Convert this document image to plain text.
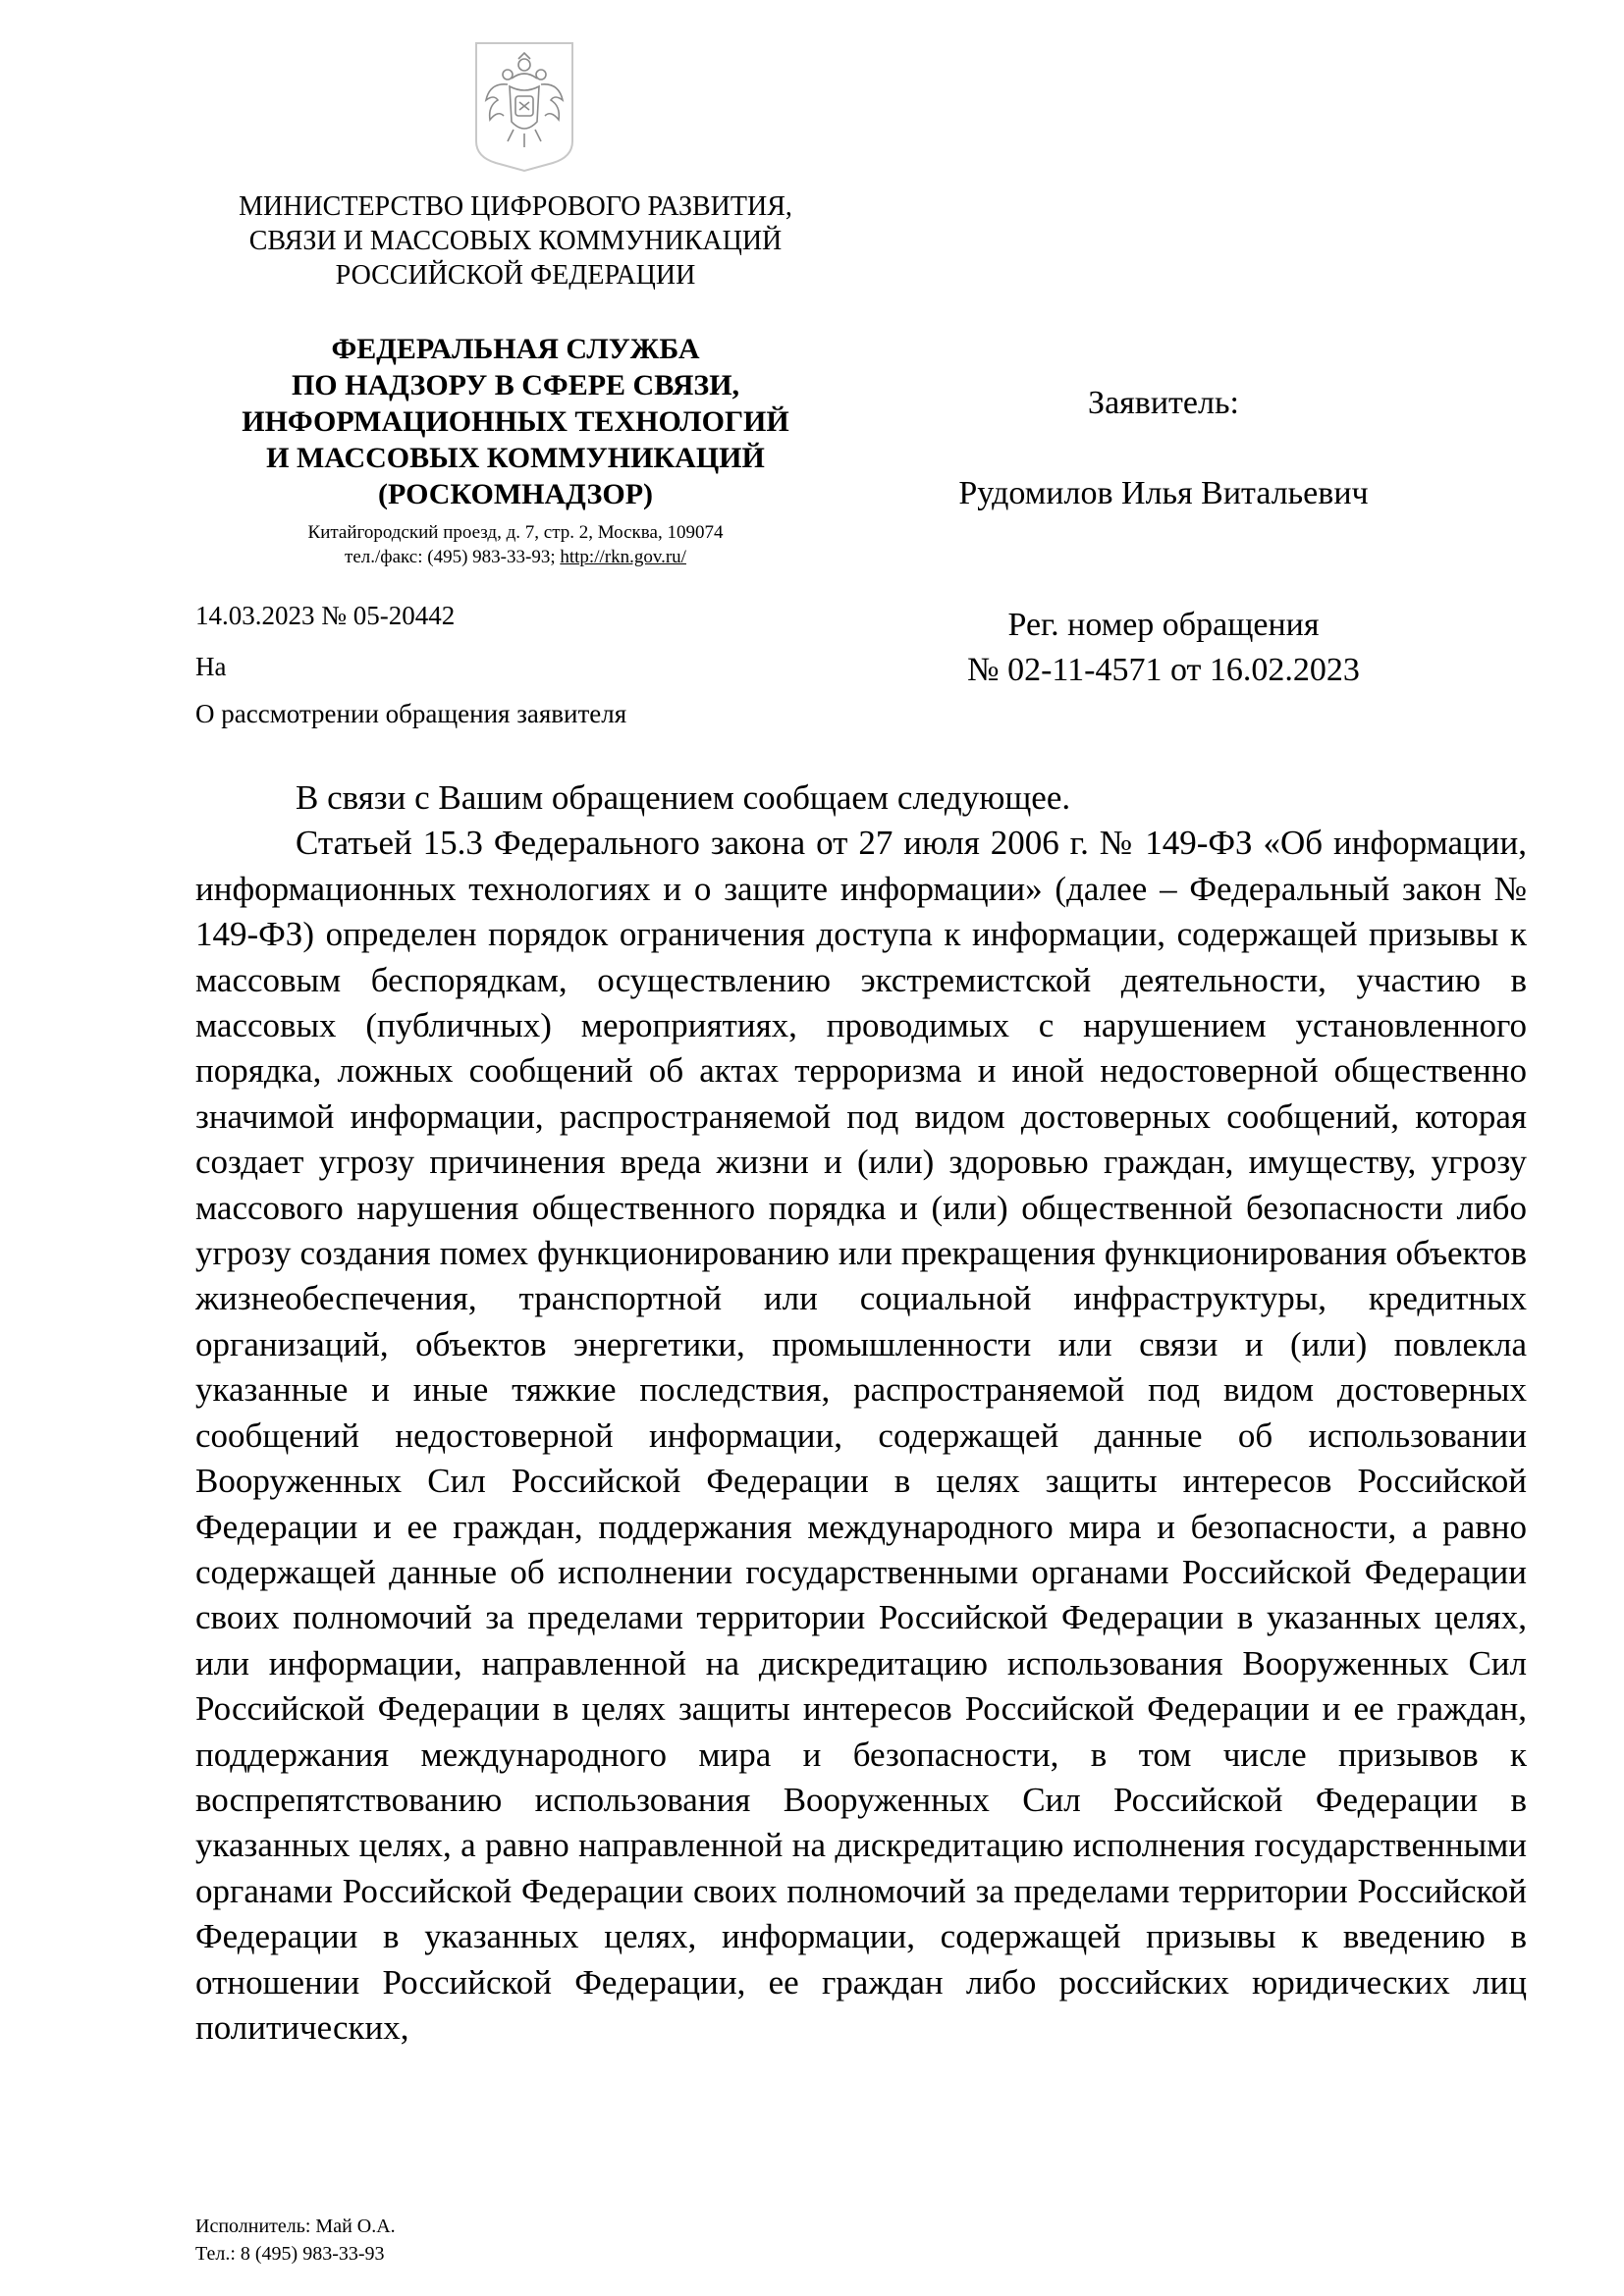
МИНИСТЕРСТВО ЦИФРОВОГО РАЗВИТИЯ,
СВЯЗИ И МАССОВЫХ КОММУНИКАЦИЙ
РОССИЙСКОЙ ФЕДЕРАЦИИ
ФЕДЕРАЛЬНАЯ СЛУЖБА
ПО НАДЗОРУ В СФЕРЕ СВЯЗИ,
ИНФОРМАЦИОННЫХ ТЕХНОЛОГИЙ
И МАССОВЫХ КОММУНИКАЦИЙ
(РОСКОМНАДЗОР)
Китайгородский проезд, д. 7, стр. 2, Москва, 109074
тел./факс: (495) 983-33-93; http://rkn.gov.ru/
14.03.2023 № 05-20442
На
О рассмотрении обращения заявителя
Заявитель:
Рудомилов Илья Витальевич
Рег. номер обращения
№ 02-11-4571 от 16.02.2023

В связи с Вашим обращением сообщаем следующее.

Статьей 15.3 Федерального закона от 27 июля 2006 г. № 149-ФЗ «Об информации, информационных технологиях и о защите информации» (далее – Федеральный закон № 149-ФЗ) определен порядок ограничения доступа к информации, содержащей призывы к массовым беспорядкам, осуществлению экстремистской деятельности, участию в массовых (публичных) мероприятиях, проводимых с нарушением установленного порядка, ложных сообщений об актах терроризма и иной недостоверной общественно значимой информации, распространяемой под видом достоверных сообщений, которая создает угрозу причинения вреда жизни и (или) здоровью граждан, имуществу, угрозу массового нарушения общественного порядка и (или) общественной безопасности либо угрозу создания помех функционированию или прекращения функционирования объектов жизнеобеспечения, транспортной или социальной инфраструктуры, кредитных организаций, объектов энергетики, промышленности или связи и (или) повлекла указанные и иные тяжкие последствия, распространяемой под видом достоверных сообщений недостоверной информации, содержащей данные об использовании Вооруженных Сил Российской Федерации в целях защиты интересов Российской Федерации и ее граждан, поддержания международного мира и безопасности, а равно содержащей данные об исполнении государственными органами Российской Федерации своих полномочий за пределами территории Российской Федерации в указанных целях, или информации, направленной на дискредитацию использования Вооруженных Сил Российской Федерации в целях защиты интересов Российской Федерации и ее граждан, поддержания международного мира и безопасности, в том числе призывов к воспрепятствованию использования Вооруженных Сил Российской Федерации в указанных целях, а равно направленной на дискредитацию исполнения государственными органами Российской Федерации своих полномочий за пределами территории Российской Федерации в указанных целях, информации, содержащей призывы к введению в отношении Российской Федерации, ее граждан либо российских юридических лиц политических,

Исполнитель: Май О.А.
Тел.: 8 (495) 983-33-93
